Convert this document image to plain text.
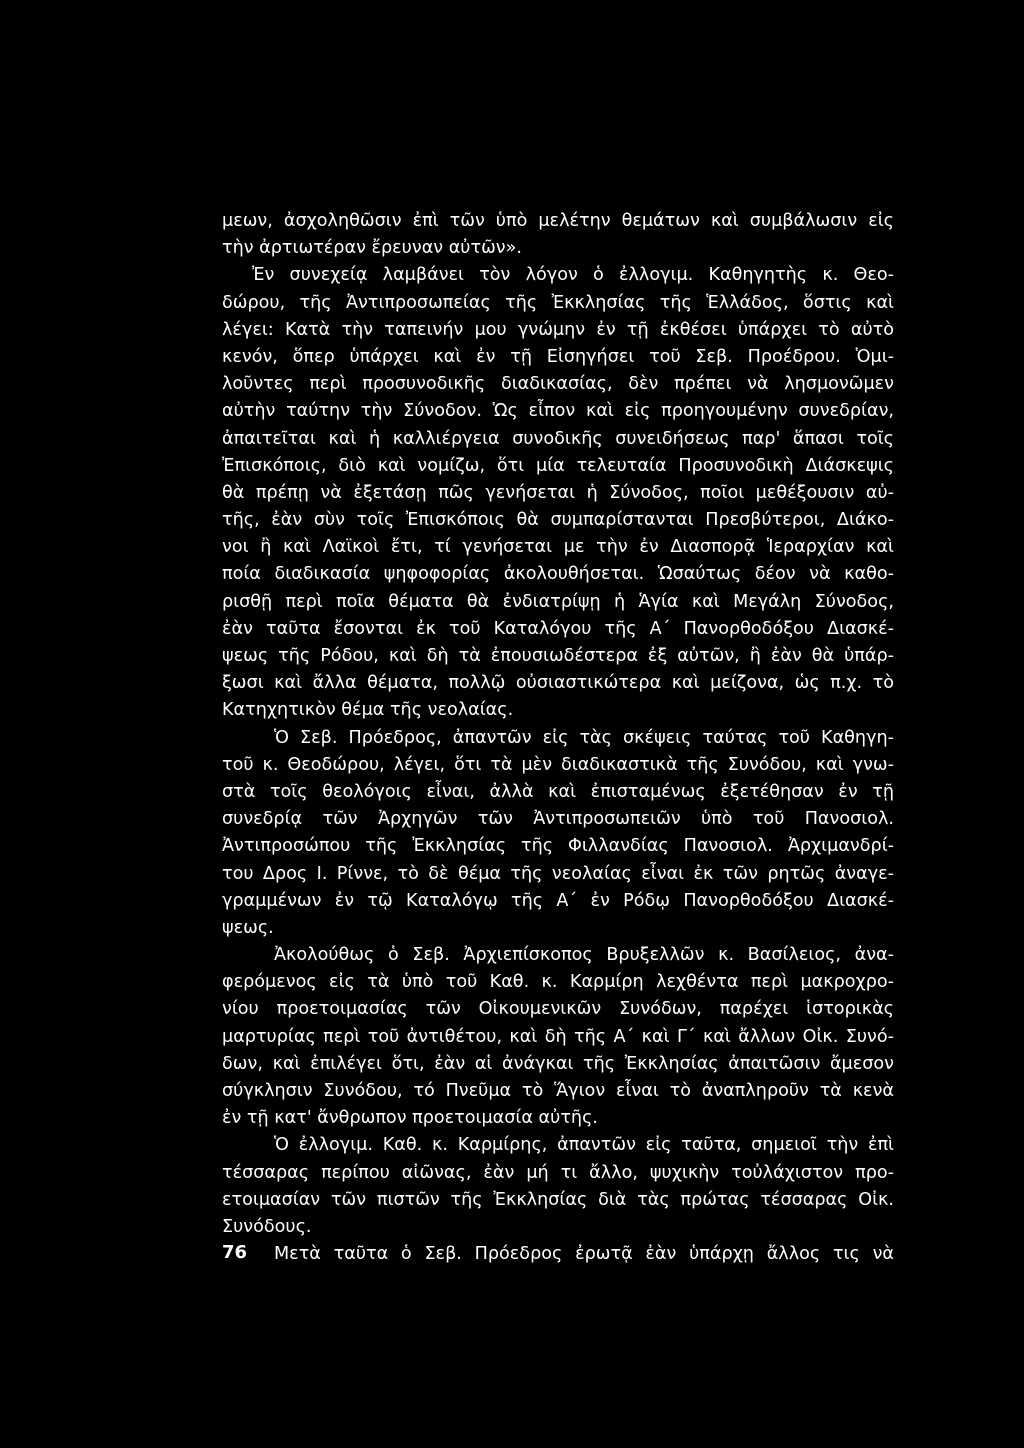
μεων, ἀσχοληθῶσιν ἐπὶ τῶν ὑπὸ μελέτην θεμάτων καὶ συμβάλωσιν εἰς
τὴν ἀρτιωτέραν ἔρευναν αὐτῶν».
Ἐν συνεχείᾳ λαμβάνει τὸν λόγον ὁ ἐλλογιμ. Καθηγητὴς κ. Θεο-
δώρου, τῆς Ἀντιπροσωπείας τῆς Ἐκκλησίας τῆς Ἑλλάδος, ὅστις καὶ
λέγει: Κατὰ τὴν ταπεινήν μου γνώμην ἐν τῇ ἐκθέσει ὑπάρχει τὸ αὐτὸ
κενόν, ὅπερ ὑπάρχει καὶ ἐν τῇ Εἰσηγήσει τοῦ Σεβ. Προέδρου. Ὁμι-
λοῦντες περὶ προσυνοδικῆς διαδικασίας, δὲν πρέπει νὰ λησμονῶμεν
αὐτὴν ταύτην τὴν Σύνοδον. Ὡς εἶπον καὶ εἰς προηγουμένην συνεδρίαν,
ἀπαιτεῖται καὶ ἡ καλλιέργεια συνοδικῆς συνειδήσεως παρ' ἅπασι τοῖς
Ἐπισκόποις, διὸ καὶ νομίζω, ὅτι μία τελευταία Προσυνοδικὴ Διάσκεψις
θὰ πρέπῃ νὰ ἐξετάσῃ πῶς γενήσεται ἡ Σύνοδος, ποῖοι μεθέξουσιν αὐ-
τῆς, ἐὰν σὺν τοῖς Ἐπισκόποις θὰ συμπαρίστανται Πρεσβύτεροι, Διάκο-
νοι ἢ καὶ Λαϊκοὶ ἔτι, τί γενήσεται με τὴν ἐν Διασπορᾷ Ἱεραρχίαν καὶ
ποία διαδικασία ψηφοφορίας ἀκολουθήσεται. Ὡσαύτως δέον νὰ καθο-
ρισθῇ περὶ ποῖα θέματα θὰ ἐνδιατρίψῃ ἡ Ἁγία καὶ Μεγάλη Σύνοδος,
ἐὰν ταῦτα ἔσονται ἐκ τοῦ Καταλόγου τῆς Α΄ Πανορθοδόξου Διασκέ-
ψεως τῆς Ρόδου, καὶ δὴ τὰ ἐπουσιωδέστερα ἐξ αὐτῶν, ἢ ἐὰν θὰ ὑπάρ-
ξωσι καὶ ἄλλα θέματα, πολλῷ οὐσιαστικώτερα καὶ μείζονα, ὡς π.χ. τὸ
Κατηχητικὸν θέμα τῆς νεολαίας.
Ὁ Σεβ. Πρόεδρος, ἀπαντῶν εἰς τὰς σκέψεις ταύτας τοῦ Καθηγη-
τοῦ κ. Θεοδώρου, λέγει, ὅτι τὰ μὲν διαδικαστικὰ τῆς Συνόδου, καὶ γνω-
στὰ τοῖς θεολόγοις εἶναι, ἀλλὰ καὶ ἐπισταμένως ἐξετέθησαν ἐν τῇ
συνεδρίᾳ τῶν Ἀρχηγῶν τῶν Ἀντιπροσωπειῶν ὑπὸ τοῦ Πανοσιολ.
Ἀντιπροσώπου τῆς Ἐκκλησίας τῆς Φιλλανδίας Πανοσιολ. Ἀρχιμανδρί-
του Δρος Ι. Ρίννε, τὸ δὲ θέμα τῆς νεολαίας εἶναι ἐκ τῶν ρητῶς ἀναγε-
γραμμένων ἐν τῷ Καταλόγῳ τῆς Α΄ ἐν Ρόδῳ Πανορθοδόξου Διασκέ-
ψεως.
Ἀκολούθως ὁ Σεβ. Ἀρχιεπίσκοπος Βρυξελλῶν κ. Βασίλειος, ἀνα-
φερόμενος εἰς τὰ ὑπὸ τοῦ Καθ. κ. Καρμίρη λεχθέντα περὶ μακροχρο-
νίου προετοιμασίας τῶν Οἰκουμενικῶν Συνόδων, παρέχει ἱστορικὰς
μαρτυρίας περὶ τοῦ ἀντιθέτου, καὶ δὴ τῆς Α΄ καὶ Γ΄ καὶ ἄλλων Οἰκ. Συνό-
δων, καὶ ἐπιλέγει ὅτι, ἐὰν αἱ ἀνάγκαι τῆς Ἐκκλησίας ἀπαιτῶσιν ἄμεσον
σύγκλησιν Συνόδου, τό Πνεῦμα τὸ Ἅγιον εἶναι τὸ ἀναπληροῦν τὰ κενὰ
ἐν τῇ κατ' ἄνθρωπον προετοιμασία αὐτῆς.
Ὁ ἐλλογιμ. Καθ. κ. Καρμίρης, ἀπαντῶν εἰς ταῦτα, σημειοῖ τὴν ἐπὶ
τέσσαρας περίπου αἰῶνας, ἐὰν μή τι ἄλλο, ψυχικὴν τοὐλάχιστον προ-
ετοιμασίαν τῶν πιστῶν τῆς Ἐκκλησίας διὰ τὰς πρώτας τέσσαρας Οἰκ.
Συνόδους.
Μετὰ ταῦτα ὁ Σεβ. Πρόεδρος ἐρωτᾷ ἐὰν ὑπάρχῃ ἄλλος τις νὰ
76
